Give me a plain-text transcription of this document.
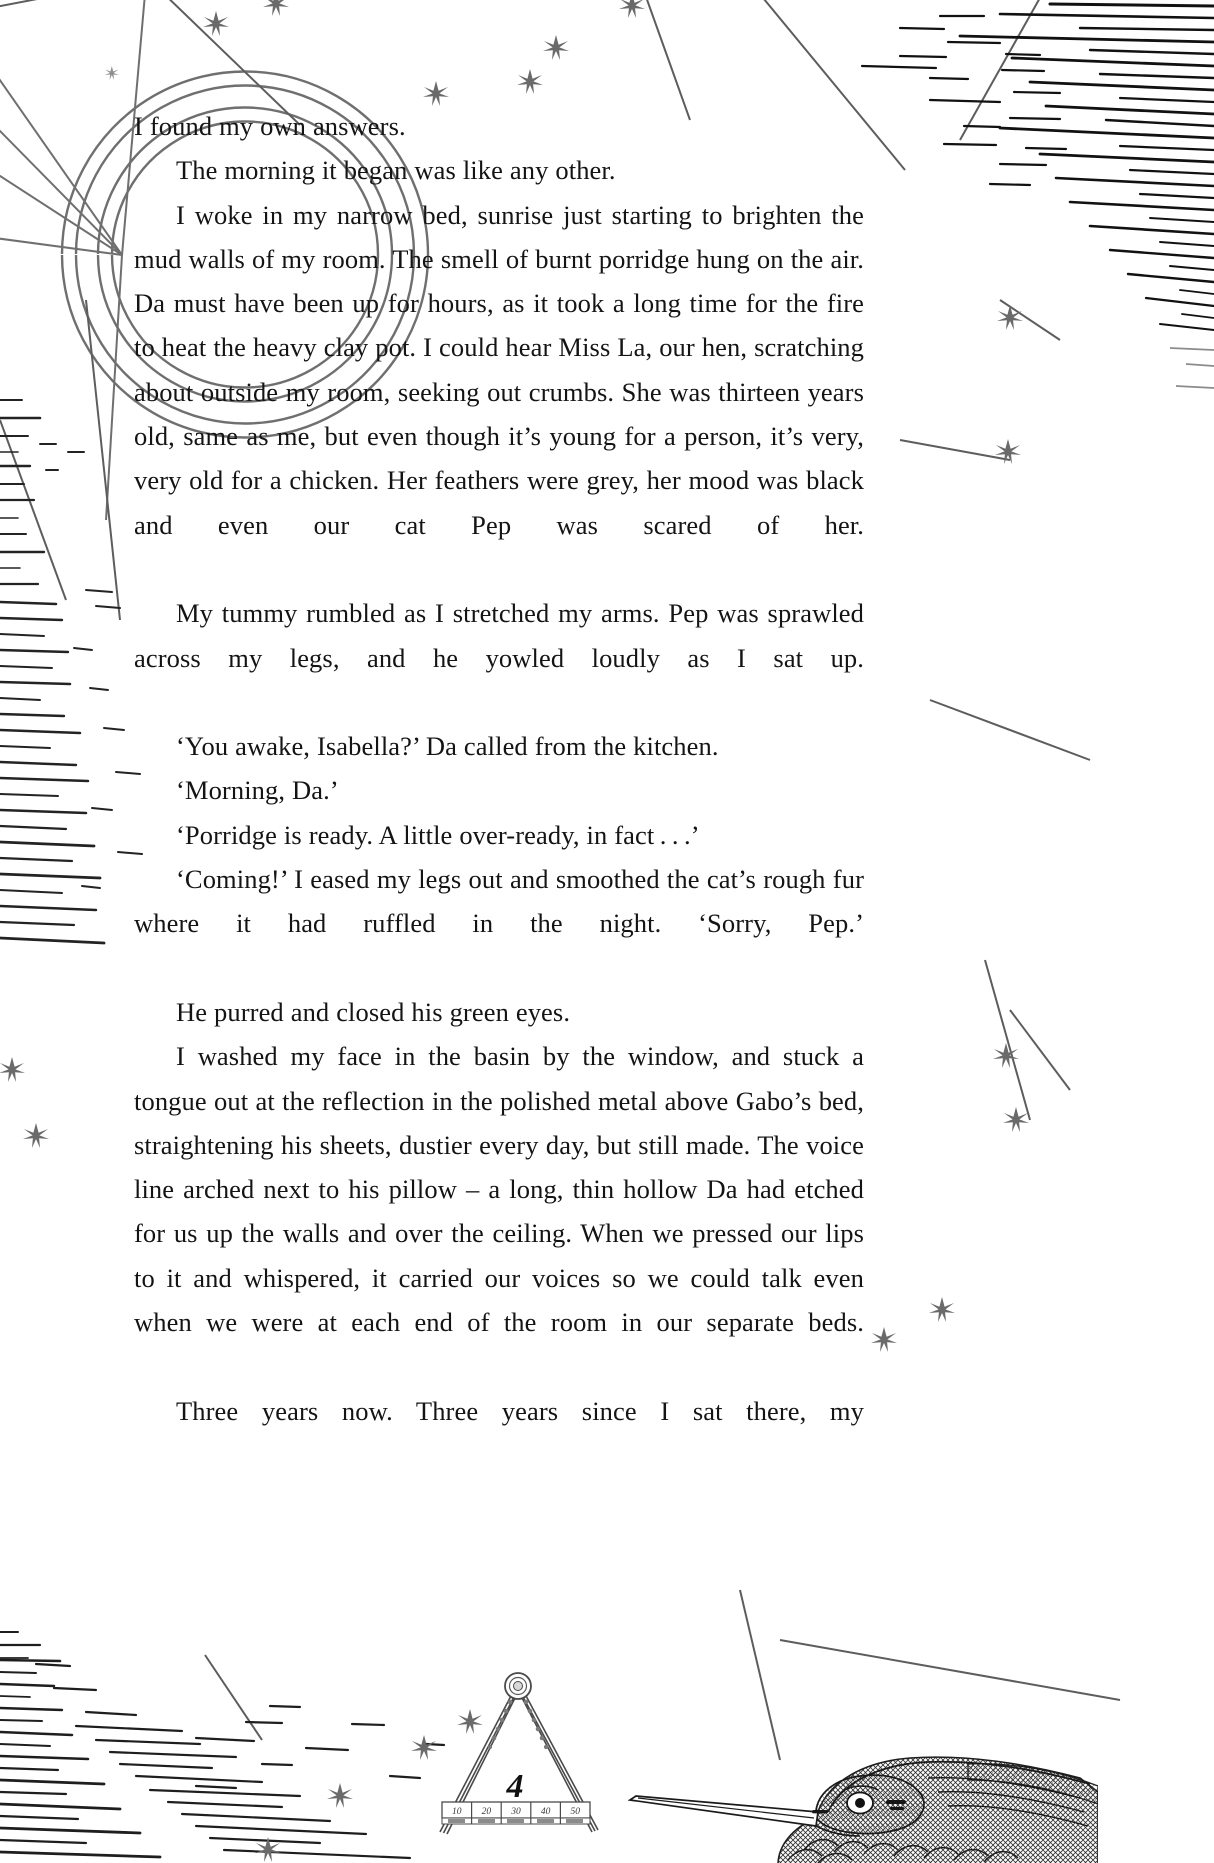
I found my own answers.

The morning it began was like any other.

I woke in my narrow bed, sunrise just starting to brighten the mud walls of my room. The smell of burnt porridge hung on the air. Da must have been up for hours, as it took a long time for the fire to heat the heavy clay pot. I could hear Miss La, our hen, scratching about outside my room, seeking out crumbs. She was thirteen years old, same as me, but even though it’s young for a person, it’s very, very old for a chicken. Her feathers were grey, her mood was black and even our cat Pep was scared of her.

My tummy rumbled as I stretched my arms. Pep was sprawled across my legs, and he yowled loudly as I sat up.

‘You awake, Isabella?’ Da called from the kitchen.

‘Morning, Da.’

‘Porridge is ready. A little over-ready, in fact . . .’

‘Coming!’ I eased my legs out and smoothed the cat’s rough fur where it had ruffled in the night. ‘Sorry, Pep.’

He purred and closed his green eyes.

I washed my face in the basin by the window, and stuck a tongue out at the reflection in the polished metal above Gabo’s bed, straightening his sheets, dustier every day, but still made. The voice line arched next to his pillow – a long, thin hollow Da had etched for us up the walls and over the ceiling. When we pressed our lips to it and whispered, it carried our voices so we could talk even when we were at each end of the room in our separate beds.

Three years now. Three years since I sat there, my

10 20 30 40 50
4
